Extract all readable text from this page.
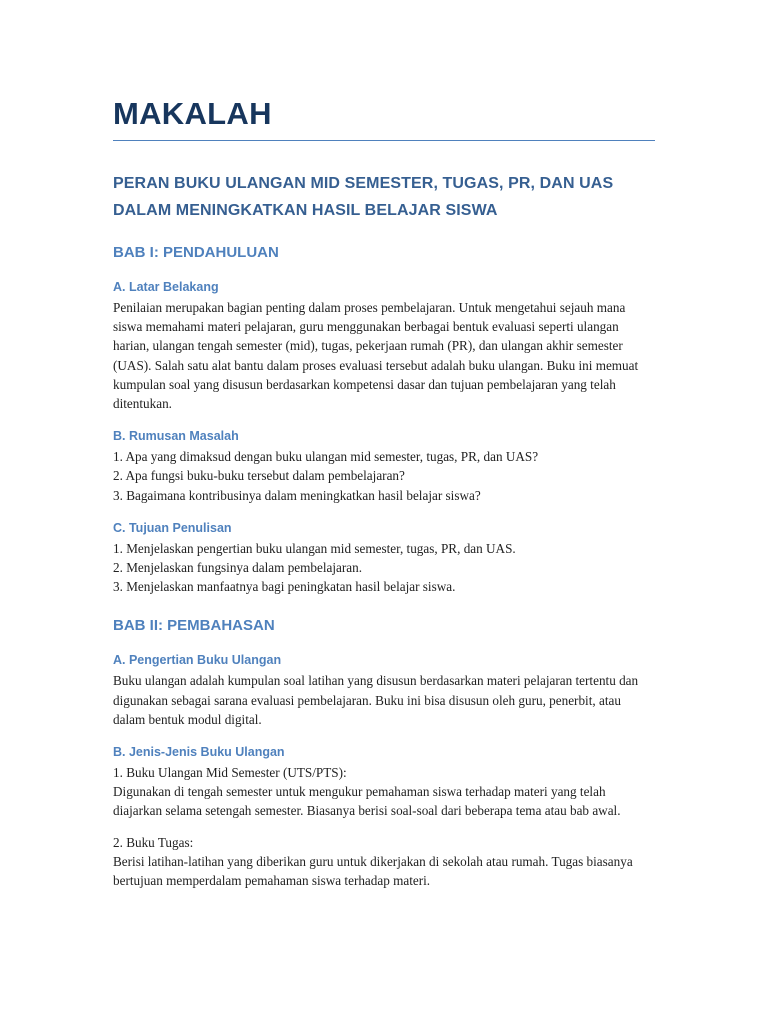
MAKALAH
PERAN BUKU ULANGAN MID SEMESTER, TUGAS, PR, DAN UAS DALAM MENINGKATKAN HASIL BELAJAR SISWA
BAB I: PENDAHULUAN
A. Latar Belakang

Penilaian merupakan bagian penting dalam proses pembelajaran. Untuk mengetahui sejauh mana siswa memahami materi pelajaran, guru menggunakan berbagai bentuk evaluasi seperti ulangan harian, ulangan tengah semester (mid), tugas, pekerjaan rumah (PR), dan ulangan akhir semester (UAS). Salah satu alat bantu dalam proses evaluasi tersebut adalah buku ulangan. Buku ini memuat kumpulan soal yang disusun berdasarkan kompetensi dasar dan tujuan pembelajaran yang telah ditentukan.

B. Rumusan Masalah

1. Apa yang dimaksud dengan buku ulangan mid semester, tugas, PR, dan UAS?

2. Apa fungsi buku-buku tersebut dalam pembelajaran?

3. Bagaimana kontribusinya dalam meningkatkan hasil belajar siswa?

C. Tujuan Penulisan

1. Menjelaskan pengertian buku ulangan mid semester, tugas, PR, dan UAS.

2. Menjelaskan fungsinya dalam pembelajaran.

3. Menjelaskan manfaatnya bagi peningkatan hasil belajar siswa.

BAB II: PEMBAHASAN
A. Pengertian Buku Ulangan

Buku ulangan adalah kumpulan soal latihan yang disusun berdasarkan materi pelajaran tertentu dan digunakan sebagai sarana evaluasi pembelajaran. Buku ini bisa disusun oleh guru, penerbit, atau dalam bentuk modul digital.

B. Jenis-Jenis Buku Ulangan

1. Buku Ulangan Mid Semester (UTS/PTS):

Digunakan di tengah semester untuk mengukur pemahaman siswa terhadap materi yang telah diajarkan selama setengah semester. Biasanya berisi soal-soal dari beberapa tema atau bab awal.

2. Buku Tugas:

Berisi latihan-latihan yang diberikan guru untuk dikerjakan di sekolah atau rumah. Tugas biasanya bertujuan memperdalam pemahaman siswa terhadap materi.
